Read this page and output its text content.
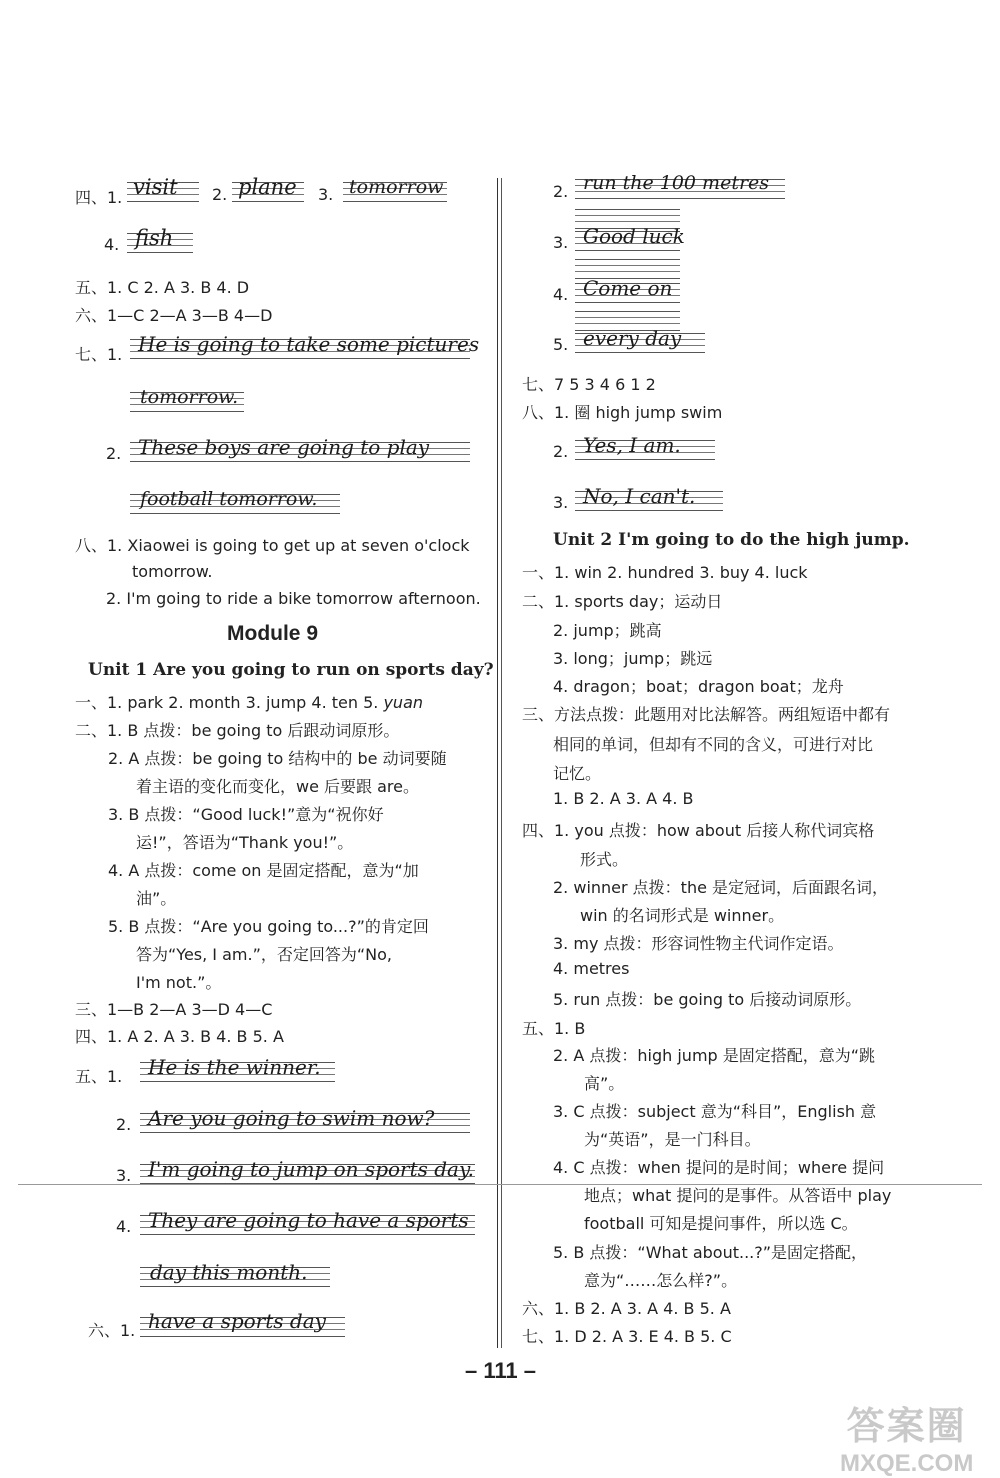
四、1. visit 2. plane 3. tomorrow
4. fish
五、1. C 2. A 3. B 4. D
六、1—C 2—A 3—B 4—D
七、1. He is going to take some pictures
tomorrow.
2. These boys are going to play
football tomorrow.
八、1. Xiaowei is going to get up at seven o'clock
tomorrow.
2. I'm going to ride a bike tomorrow afternoon.
Module 9
Unit 1 Are you going to run on sports day?
一、1. park 2. month 3. jump 4. ten 5. yuan
二、1. B 点拨：be going to 后跟动词原形。
2. A 点拨：be going to 结构中的 be 动词要随
着主语的变化而变化，we 后要跟 are。
3. B 点拨：“Good luck!”意为“祝你好
运!”，答语为“Thank you!”。
4. A 点拨：come on 是固定搭配，意为“加
油”。
5. B 点拨：“Are you going to...?”的肯定回
答为“Yes, I am.”，否定回答为“No,
I'm not.”。
三、1—B 2—A 3—D 4—C
四、1. A 2. A 3. B 4. B 5. A
五、1. He is the winner.
2. Are you going to swim now?
3. I'm going to jump on sports day.
4. They are going to have a sports
day this month.
六、1. have a sports day
2. run the 100 metres
3. Good luck
4. Come on
5. every day
七、7 5 3 4 6 1 2
八、1. 圈 high jump swim
2. Yes, I am.
3. No, I can't.
Unit 2 I'm going to do the high jump.
一、1. win 2. hundred 3. buy 4. luck
二、1. sports day；运动日
2. jump；跳高
3. long；jump；跳远
4. dragon；boat；dragon boat；龙舟
三、方法点拨：此题用对比法解答。两组短语中都有
相同的单词，但却有不同的含义，可进行对比
记忆。
1. B 2. A 3. A 4. B
四、1. you 点拨：how about 后接人称代词宾格
形式。
2. winner 点拨：the 是定冠词，后面跟名词，
win 的名词形式是 winner。
3. my 点拨：形容词性物主代词作定语。
4. metres
5. run 点拨：be going to 后接动词原形。
五、1. B
2. A 点拨：high jump 是固定搭配，意为“跳
高”。
3. C 点拨：subject 意为“科目”，English 意
为“英语”，是一门科目。
4. C 点拨：when 提问的是时间；where 提问
地点；what 提问的是事件。从答语中 play
football 可知是提问事件，所以选 C。
5. B 点拨：“What about...?”是固定搭配，
意为“……怎么样?”。
六、1. B 2. A 3. A 4. B 5. A
七、1. D 2. A 3. E 4. B 5. C
– 111 –
答案圈
MXQE.COM
